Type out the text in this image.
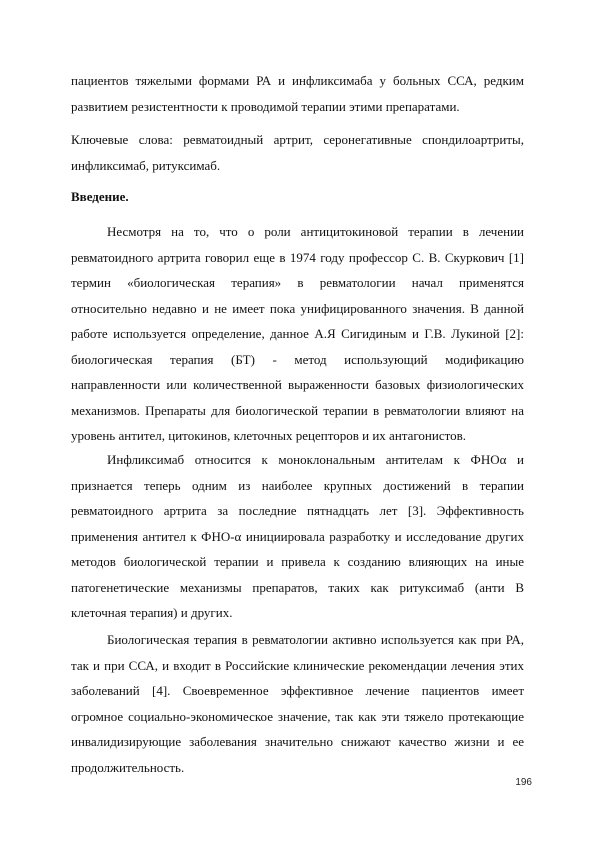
пациентов тяжелыми формами РА и инфликсимаба у больных ССА, редким развитием резистентности к проводимой терапии этими препаратами.

Ключевые слова: ревматоидный артрит, серонегативные спондилоартриты, инфликсимаб, ритуксимаб.

Введение.

Несмотря на то, что о роли антицитокиновой терапии в лечении ревматоидного артрита говорил еще в 1974 году профессор С. В. Скуркович [1] термин «биологическая терапия» в ревматологии начал применятся относительно недавно и не имеет пока унифицированного значения. В данной работе используется определение, данное А.Я Сигидиным и Г.В. Лукиной [2]: биологическая терапия (БТ) - метод использующий модификацию направленности или количественной выраженности базовых физиологических механизмов. Препараты для биологической терапии в ревматологии влияют на уровень антител, цитокинов, клеточных рецепторов и их антагонистов.

Инфликсимаб относится к моноклональным антителам к ФНОα и признается теперь одним из наиболее крупных достижений в терапии ревматоидного артрита за последние пятнадцать лет [3]. Эффективность применения антител к ФНО-α инициировала разработку и исследование других методов биологической терапии и привела к созданию влияющих на иные патогенетические механизмы препаратов, таких как ритуксимаб (анти В клеточная терапия) и других.

Биологическая терапия в ревматологии активно используется как при РА, так и при ССА, и входит в Российские клинические рекомендации лечения этих заболеваний [4]. Своевременное эффективное лечение пациентов имеет огромное социально-экономическое значение, так как эти тяжело протекающие инвалидизирующие заболевания значительно снижают качество жизни и ее продолжительность.

196
